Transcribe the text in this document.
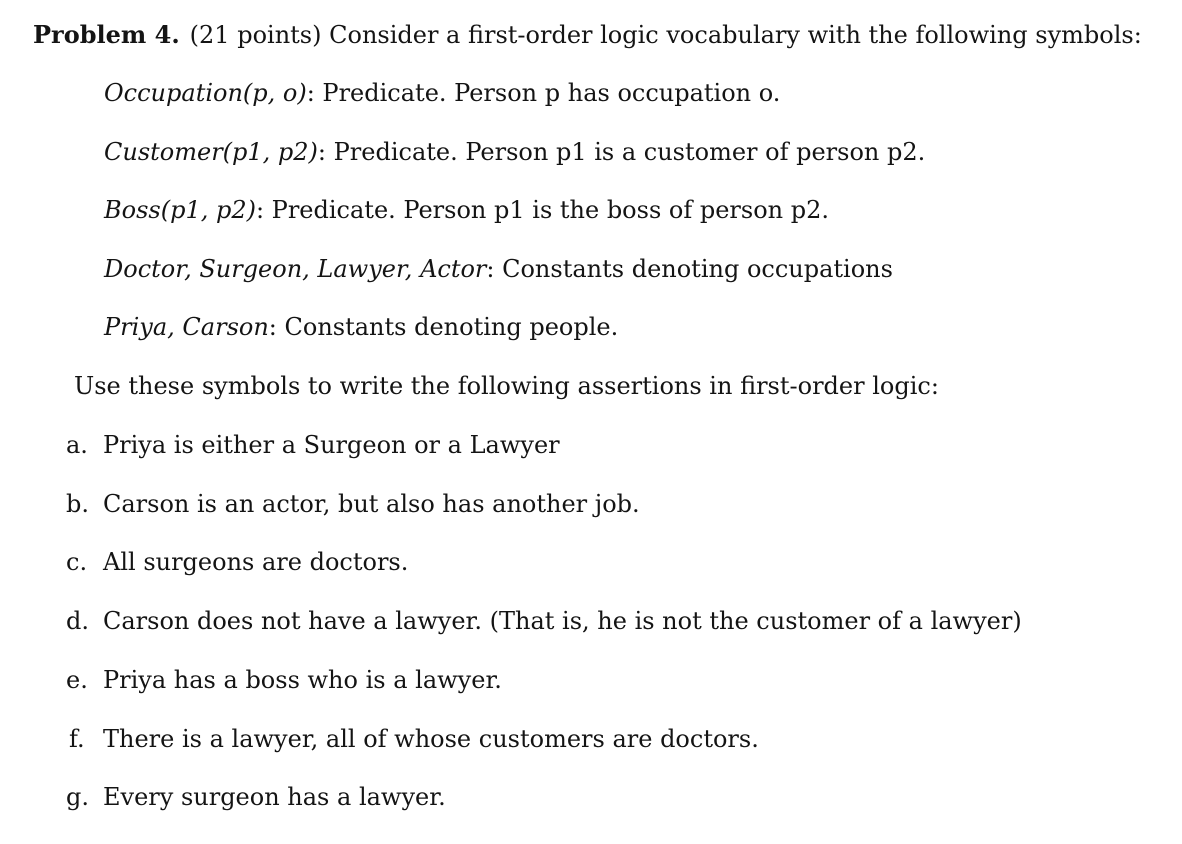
Problem 4. (21 points) Consider a first-order logic vocabulary with the following symbols:
Occupation(p, o): Predicate. Person p has occupation o.
Customer(p1, p2): Predicate. Person p1 is a customer of person p2.
Boss(p1, p2): Predicate. Person p1 is the boss of person p2.
Doctor, Surgeon, Lawyer, Actor: Constants denoting occupations
Priya, Carson: Constants denoting people.
Use these symbols to write the following assertions in first-order logic:
a. Priya is either a Surgeon or a Lawyer
b. Carson is an actor, but also has another job.
c. All surgeons are doctors.
d. Carson does not have a lawyer. (That is, he is not the customer of a lawyer)
e. Priya has a boss who is a lawyer.
f. There is a lawyer, all of whose customers are doctors.
g. Every surgeon has a lawyer.
